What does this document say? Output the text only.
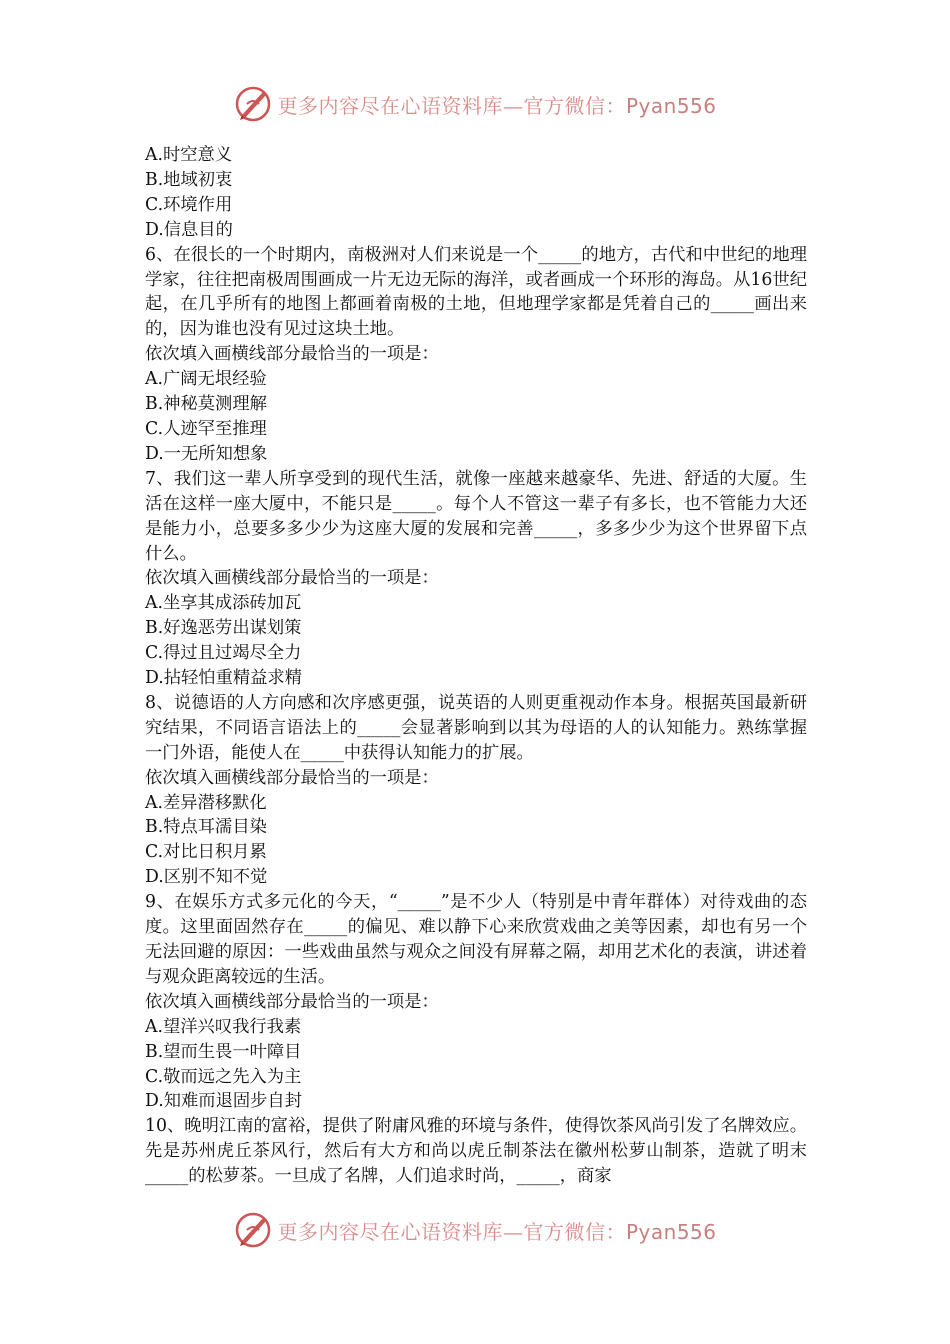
更多内容尽在心语资料库—官方微信：Pyan556

A.时空意义

B.地域初衷

C.环境作用

D.信息目的

6、在很长的一个时期内，南极洲对人们来说是一个_____的地方，古代和中世纪的地理学家，往往把南极周围画成一片无边无际的海洋，或者画成一个环形的海岛。从16世纪起，在几乎所有的地图上都画着南极的土地，但地理学家都是凭着自己的_____画出来的，因为谁也没有见过这块土地。

依次填入画横线部分最恰当的一项是：

A.广阔无垠经验

B.神秘莫测理解

C.人迹罕至推理

D.一无所知想象

7、我们这一辈人所享受到的现代生活，就像一座越来越豪华、先进、舒适的大厦。生活在这样一座大厦中，不能只是_____。每个人不管这一辈子有多长，也不管能力大还是能力小，总要多多少少为这座大厦的发展和完善_____，多多少少为这个世界留下点什么。

依次填入画横线部分最恰当的一项是：

A.坐享其成添砖加瓦

B.好逸恶劳出谋划策

C.得过且过竭尽全力

D.拈轻怕重精益求精

8、说德语的人方向感和次序感更强，说英语的人则更重视动作本身。根据英国最新研究结果，不同语言语法上的_____会显著影响到以其为母语的人的认知能力。熟练掌握一门外语，能使人在_____中获得认知能力的扩展。

依次填入画横线部分最恰当的一项是：

A.差异潜移默化

B.特点耳濡目染

C.对比日积月累

D.区别不知不觉

9、在娱乐方式多元化的今天，“_____”是不少人（特别是中青年群体）对待戏曲的态度。这里面固然存在_____的偏见、难以静下心来欣赏戏曲之美等因素，却也有另一个无法回避的原因：一些戏曲虽然与观众之间没有屏幕之隔，却用艺术化的表演，讲述着与观众距离较远的生活。

依次填入画横线部分最恰当的一项是：

A.望洋兴叹我行我素

B.望而生畏一叶障目

C.敬而远之先入为主

D.知难而退固步自封

10、晚明江南的富裕，提供了附庸风雅的环境与条件，使得饮茶风尚引发了名牌效应。先是苏州虎丘茶风行，然后有大方和尚以虎丘制茶法在徽州松萝山制茶，造就了明末_____的松萝茶。一旦成了名牌，人们追求时尚，_____，商家

更多内容尽在心语资料库—官方微信：Pyan556
